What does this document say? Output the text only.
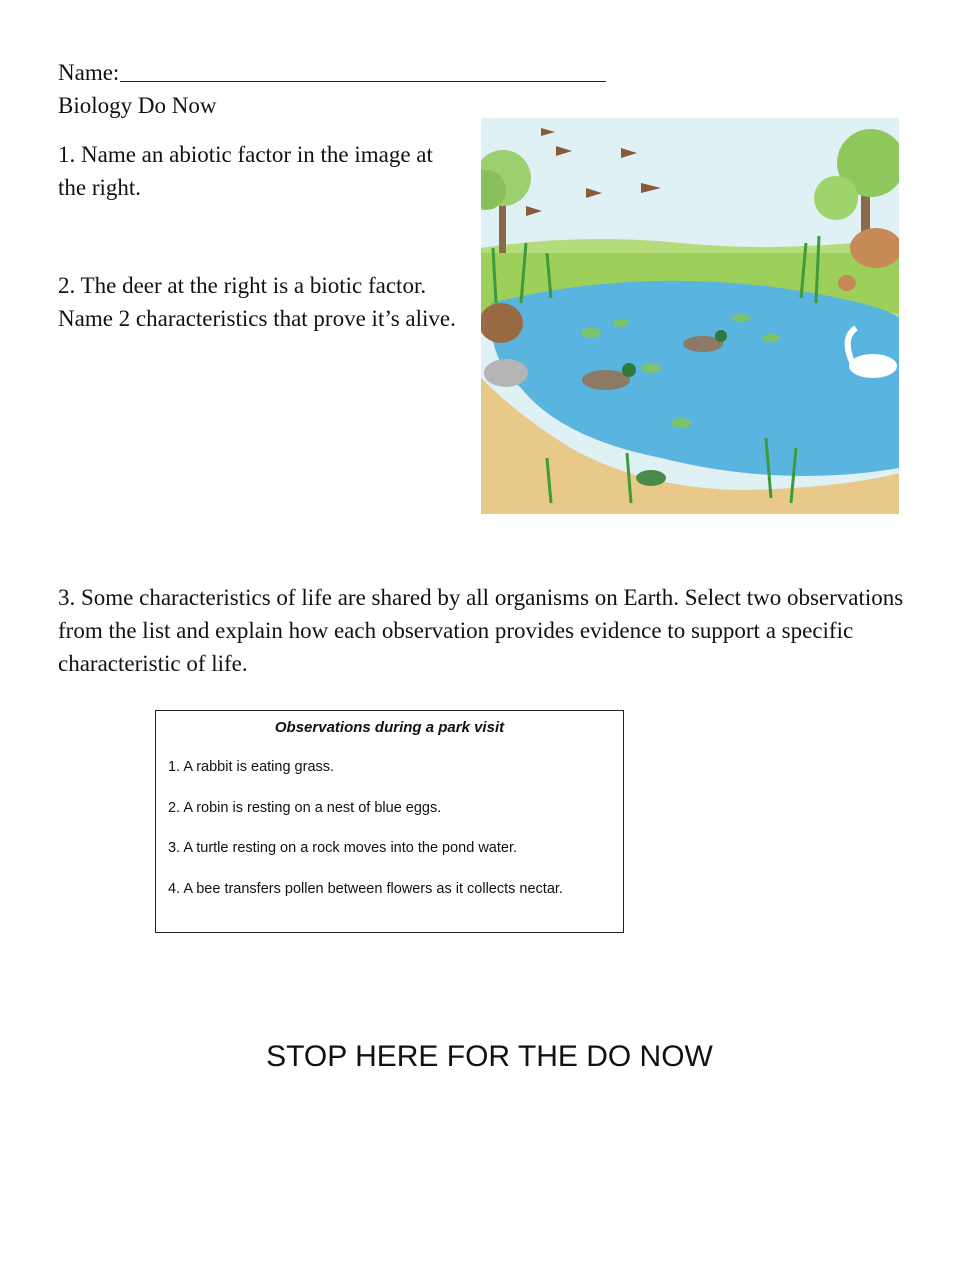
Name:
Biology Do Now
1. Name an abiotic factor in the image at the right.
2. The deer at the right is a biotic factor. Name 2 characteristics that prove it’s alive.
3. Some characteristics of life are shared by all organisms on Earth. Select two observations from the list and explain how each observation provides evidence to support a specific characteristic of life.
Observations during a park visit
1. A rabbit is eating grass.
2. A robin is resting on a nest of blue eggs.
3. A turtle resting on a rock moves into the pond water.
4. A bee transfers pollen between flowers as it collects nectar.
STOP HERE FOR THE DO NOW
